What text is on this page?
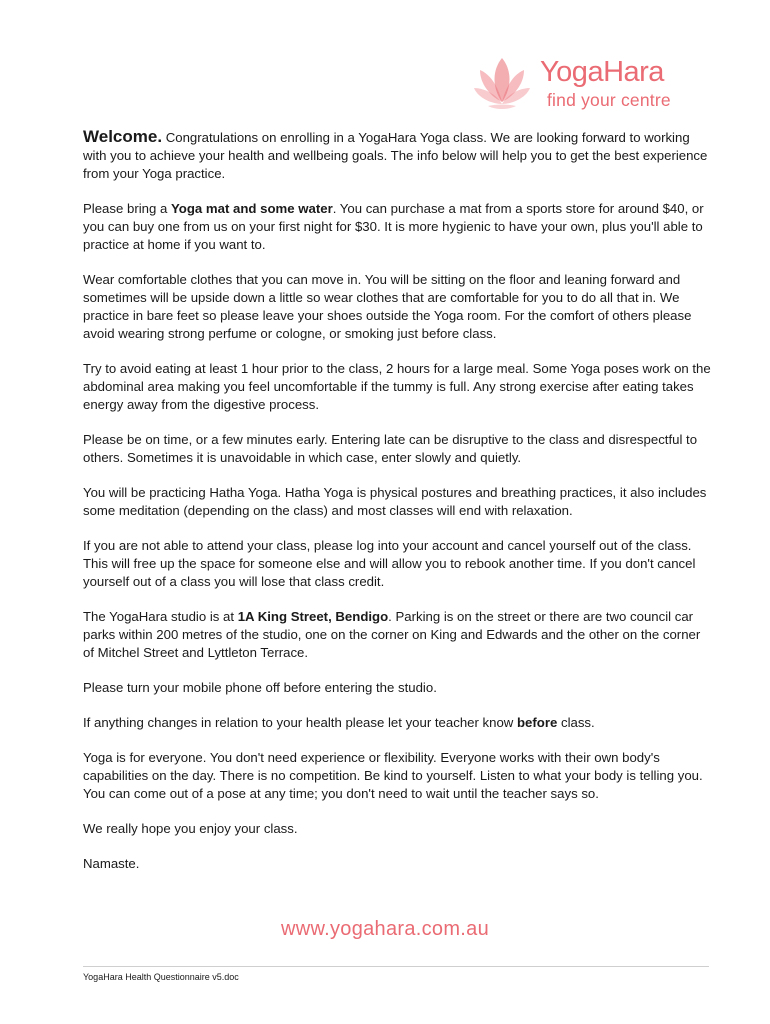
YogaHara
find your centre

Welcome. Congratulations on enrolling in a YogaHara Yoga class. We are looking forward to working with you to achieve your health and wellbeing goals. The info below will help you to get the best experience from your Yoga practice.

Please bring a Yoga mat and some water. You can purchase a mat from a sports store for around $40, or you can buy one from us on your first night for $30. It is more hygienic to have your own, plus you'll able to practice at home if you want to.

Wear comfortable clothes that you can move in. You will be sitting on the floor and leaning forward and sometimes will be upside down a little so wear clothes that are comfortable for you to do all that in. We practice in bare feet so please leave your shoes outside the Yoga room. For the comfort of others please avoid wearing strong perfume or cologne, or smoking just before class.

Try to avoid eating at least 1 hour prior to the class, 2 hours for a large meal. Some Yoga poses work on the abdominal area making you feel uncomfortable if the tummy is full. Any strong exercise after eating takes energy away from the digestive process.

Please be on time, or a few minutes early. Entering late can be disruptive to the class and disrespectful to others. Sometimes it is unavoidable in which case, enter slowly and quietly.

You will be practicing Hatha Yoga. Hatha Yoga is physical postures and breathing practices, it also includes some meditation (depending on the class) and most classes will end with relaxation.

If you are not able to attend your class, please log into your account and cancel yourself out of the class. This will free up the space for someone else and will allow you to rebook another time. If you don't cancel yourself out of a class you will lose that class credit.

The YogaHara studio is at 1A King Street, Bendigo. Parking is on the street or there are two council car parks within 200 metres of the studio, one on the corner on King and Edwards and the other on the corner of Mitchel Street and Lyttleton Terrace.

Please turn your mobile phone off before entering the studio.

If anything changes in relation to your health please let your teacher know before class.

Yoga is for everyone. You don't need experience or flexibility. Everyone works with their own body's capabilities on the day. There is no competition. Be kind to yourself. Listen to what your body is telling you. You can come out of a pose at any time; you don't need to wait until the teacher says so.

We really hope you enjoy your class.

Namaste.

www.yogahara.com.au
YogaHara Health Questionnaire v5.doc
